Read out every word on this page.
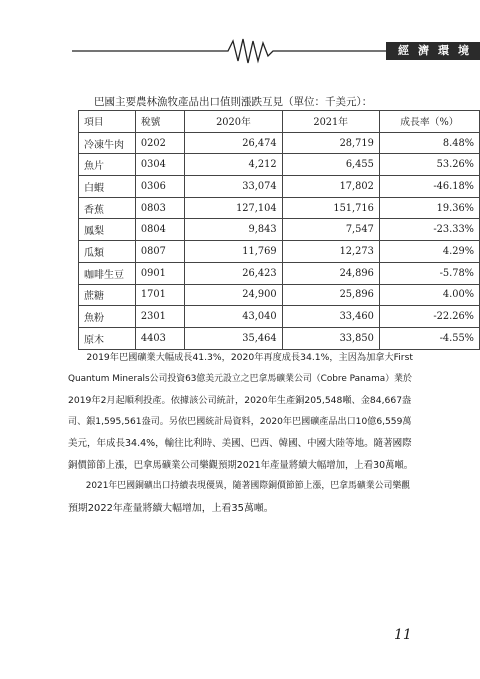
經濟環境
巴國主要農林漁牧產品出口值則漲跌互見（單位：千美元）：
項目	稅號	2020年	2021年	成長率（%）
冷凍牛肉	0202	26,474	28,719	8.48%
魚片	0304	4,212	6,455	53.26%
白蝦	0306	33,074	17,802	-46.18%
香蕉	0803	127,104	151,716	19.36%
鳳梨	0804	9,843	7,547	-23.33%
瓜類	0807	11,769	12,273	4.29%
咖啡生豆	0901	26,423	24,896	-5.78%
蔗糖	1701	24,900	25,896	4.00%
魚粉	2301	43,040	33,460	-22.26%
原木	4403	35,464	33,850	-4.55%
　　2019年巴國礦業大幅成長41.3%，2020年再度成長34.1%，主因為加拿大First
Quantum Minerals公司投資63億美元設立之巴拿馬礦業公司（Cobre Panama）業於
2019年2月起順利投產。依據該公司統計，2020年生產銅205,548噸、金84,667盎
司、銀1,595,561盎司。另依巴國統計局資料，2020年巴國礦產品出口10億6,559萬
美元，年成長34.4%，輸往比利時、美國、巴西、韓國、中國大陸等地。隨著國際
銅價節節上漲，巴拿馬礦業公司樂觀預期2021年產量將續大幅增加，上看30萬噸。
　　2021年巴國銅礦出口持續表現優異，隨著國際銅價節節上漲，巴拿馬礦業公司樂觀
預期2022年產量將續大幅增加，上看35萬噸。
11
